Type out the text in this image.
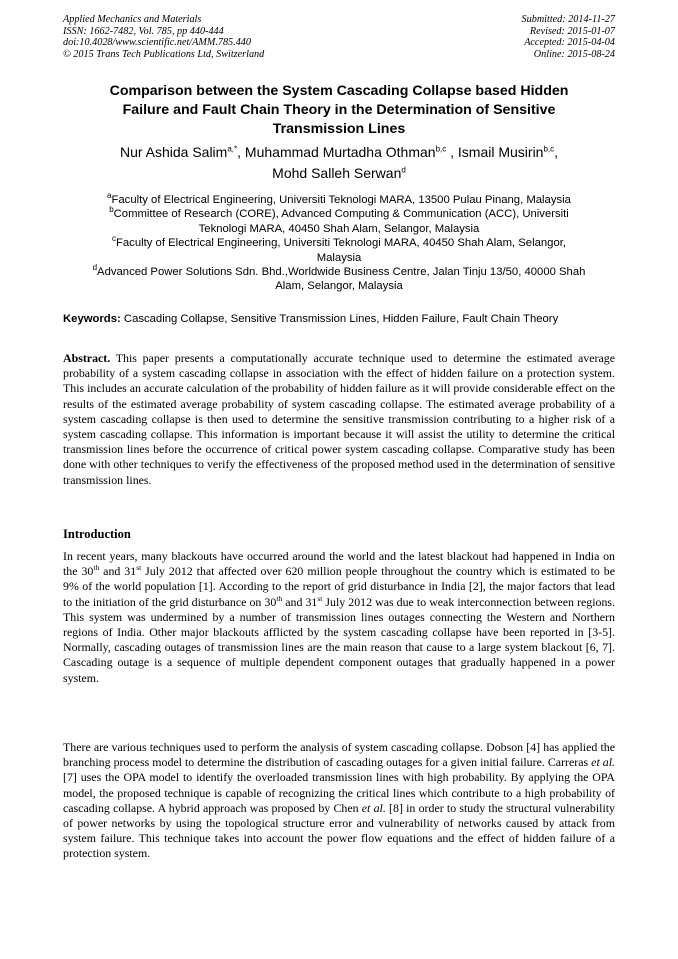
Applied Mechanics and Materials
ISSN: 1662-7482, Vol. 785, pp 440-444
doi:10.4028/www.scientific.net/AMM.785.440
© 2015 Trans Tech Publications Ltd, Switzerland
Submitted: 2014-11-27
Revised: 2015-01-07
Accepted: 2015-04-04
Online: 2015-08-24
Comparison between the System Cascading Collapse based Hidden
Failure and Fault Chain Theory in the Determination of Sensitive
Transmission Lines
Nur Ashida Salim$^{a,*}$, Muhammad Murtadha Othman$^{b,c}$ , Ismail Musirin$^{b,c}$,
Mohd Salleh Serwan$^d$
$^a$Faculty of Electrical Engineering, Universiti Teknologi MARA, 13500 Pulau Pinang, Malaysia
$^b$Committee of Research (CORE), Advanced Computing & Communication (ACC), Universiti
Teknologi MARA, 40450 Shah Alam, Selangor, Malaysia
$^c$Faculty of Electrical Engineering, Universiti Teknologi MARA, 40450 Shah Alam, Selangor,
Malaysia
$^d$Advanced Power Solutions Sdn. Bhd.,Worldwide Business Centre, Jalan Tinju 13/50, 40000 Shah
Alam, Selangor, Malaysia
Keywords: Cascading Collapse, Sensitive Transmission Lines, Hidden Failure, Fault Chain Theory
Abstract. This paper presents a computationally accurate technique used to determine the estimated average probability of a system cascading collapse in association with the effect of hidden failure on a protection system. This includes an accurate calculation of the probability of hidden failure as it will provide considerable effect on the results of the estimated average probability of system cascading collapse. The estimated average probability of a system cascading collapse is then used to determine the sensitive transmission contributing to a higher risk of a system cascading collapse. This information is important because it will assist the utility to determine the critical transmission lines before the occurrence of critical power system cascading collapse. Comparative study has been done with other techniques to verify the effectiveness of the proposed method used in the determination of sensitive transmission lines.
Introduction
In recent years, many blackouts have occurred around the world and the latest blackout had happened in India on the 30th and 31st July 2012 that affected over 620 million people throughout the country which is estimated to be 9% of the world population [1]. According to the report of grid disturbance in India [2], the major factors that lead to the initiation of the grid disturbance on 30th and 31st July 2012 was due to weak interconnection between regions. This system was undermined by a number of transmission lines outages connecting the Western and Northern regions of India. Other major blackouts afflicted by the system cascading collapse have been reported in [3-5]. Normally, cascading outages of transmission lines are the main reason that cause to a large system blackout [6, 7]. Cascading outage is a sequence of multiple dependent component outages that gradually happened in a power system.
There are various techniques used to perform the analysis of system cascading collapse. Dobson [4] has applied the branching process model to determine the distribution of cascading outages for a given initial failure. Carreras et al. [7] uses the OPA model to identify the overloaded transmission lines with high probability. By applying the OPA model, the proposed technique is capable of recognizing the critical lines which contribute to a high probability of cascading collapse. A hybrid approach was proposed by Chen et al. [8] in order to study the structural vulnerability of power networks by using the topological structure error and vulnerability of networks caused by attack from system failure. This technique takes into account the power flow equations and the effect of hidden failure of a protection system.
